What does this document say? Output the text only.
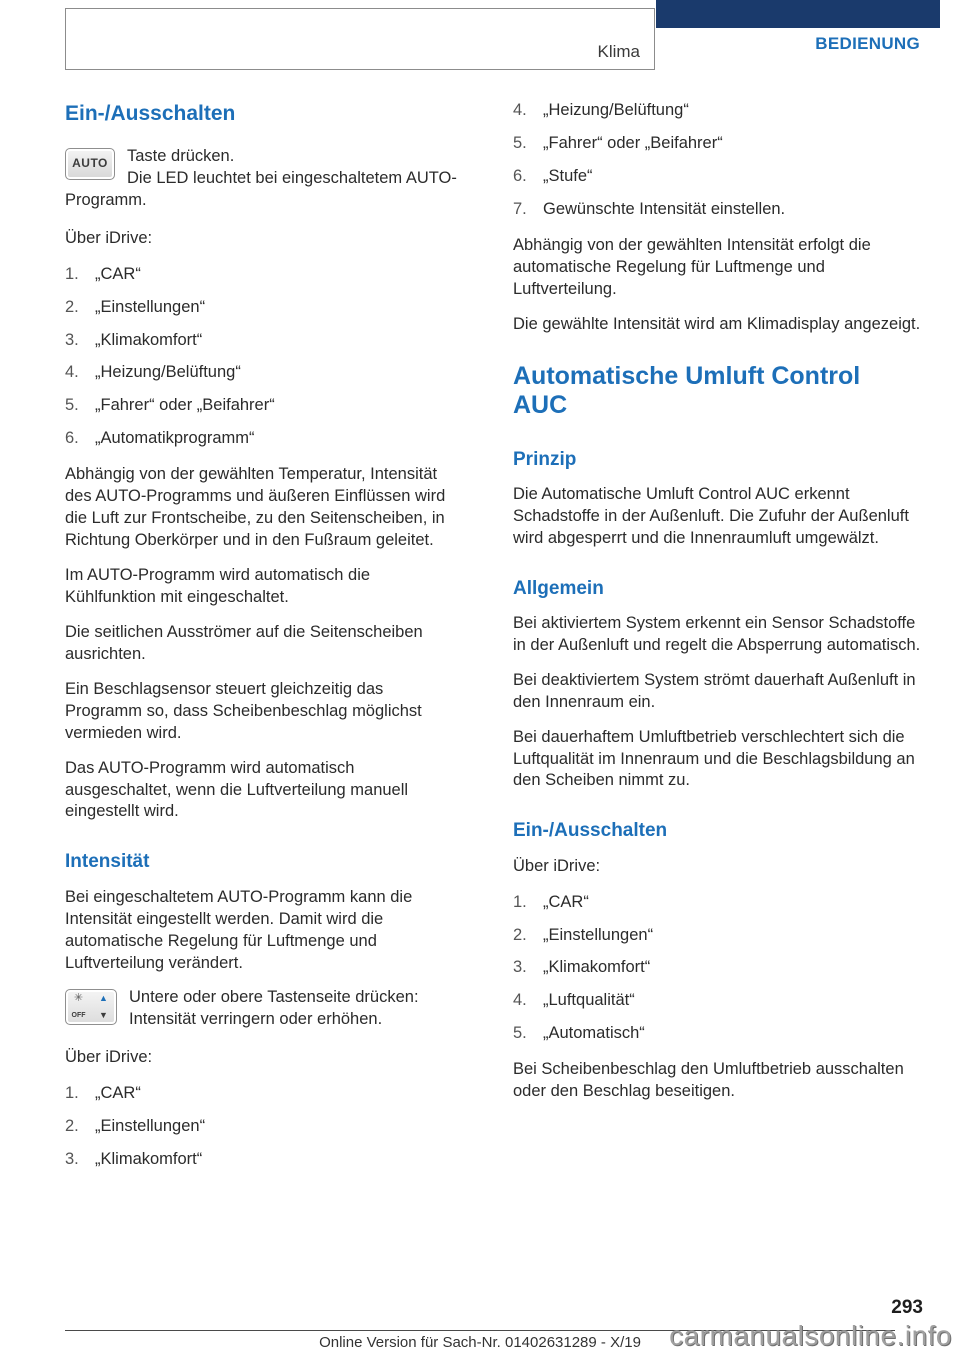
Klima	BEDIENUNG
Ein-/Ausschalten
AUTO	Taste drücken.
Die LED leuchtet bei eingeschaltetem AUTO-Programm.

Über iDrive:

1. „CAR“
2. „Einstellungen“
3. „Klimakomfort“
4. „Heizung/Belüftung“
5. „Fahrer“ oder „Beifahrer“
6. „Automatikprogramm“

Abhängig von der gewählten Temperatur, Intensität des AUTO-Programms und äußeren Einflüssen wird die Luft zur Frontscheibe, zu den Seitenscheiben, in Richtung Oberkörper und in den Fußraum geleitet.

Im AUTO-Programm wird automatisch die Kühlfunktion mit eingeschaltet.

Die seitlichen Ausströmer auf die Seitenscheiben ausrichten.

Ein Beschlagsensor steuert gleichzeitig das Programm so, dass Scheibenbeschlag möglichst vermieden wird.

Das AUTO-Programm wird automatisch ausgeschaltet, wenn die Luftverteilung manuell eingestellt wird.

Intensität

Bei eingeschaltetem AUTO-Programm kann die Intensität eingestellt werden. Damit wird die automatische Regelung für Luftmenge und Luftverteilung verändert.

✳ ▲
OFF ▼
Untere oder obere Tastenseite drücken:
Intensität verringern oder erhöhen.

Über iDrive:

1. „CAR“
2. „Einstellungen“
3. „Klimakomfort“
4. „Heizung/Belüftung“
5. „Fahrer“ oder „Beifahrer“
6. „Stufe“
7. Gewünschte Intensität einstellen.

Abhängig von der gewählten Intensität erfolgt die automatische Regelung für Luftmenge und Luftverteilung.

Die gewählte Intensität wird am Klimadisplay angezeigt.

Automatische Umluft Control AUC
Prinzip

Die Automatische Umluft Control AUC erkennt Schadstoffe in der Außenluft. Die Zufuhr der Außenluft wird abgesperrt und die Innenraumluft umgewälzt.

Allgemein

Bei aktiviertem System erkennt ein Sensor Schadstoffe in der Außenluft und regelt die Absperrung automatisch.

Bei deaktiviertem System strömt dauerhaft Außenluft in den Innenraum ein.

Bei dauerhaftem Umluftbetrieb verschlechtert sich die Luftqualität im Innenraum und die Beschlagsbildung an den Scheiben nimmt zu.

Ein-/Ausschalten

Über iDrive:

1. „CAR“
2. „Einstellungen“
3. „Klimakomfort“
4. „Luftqualität“
5. „Automatisch“

Bei Scheibenbeschlag den Umluftbetrieb ausschalten oder den Beschlag beseitigen.

293
Online Version für Sach-Nr. 01402631289 - X/19	carmanualsonline.info
